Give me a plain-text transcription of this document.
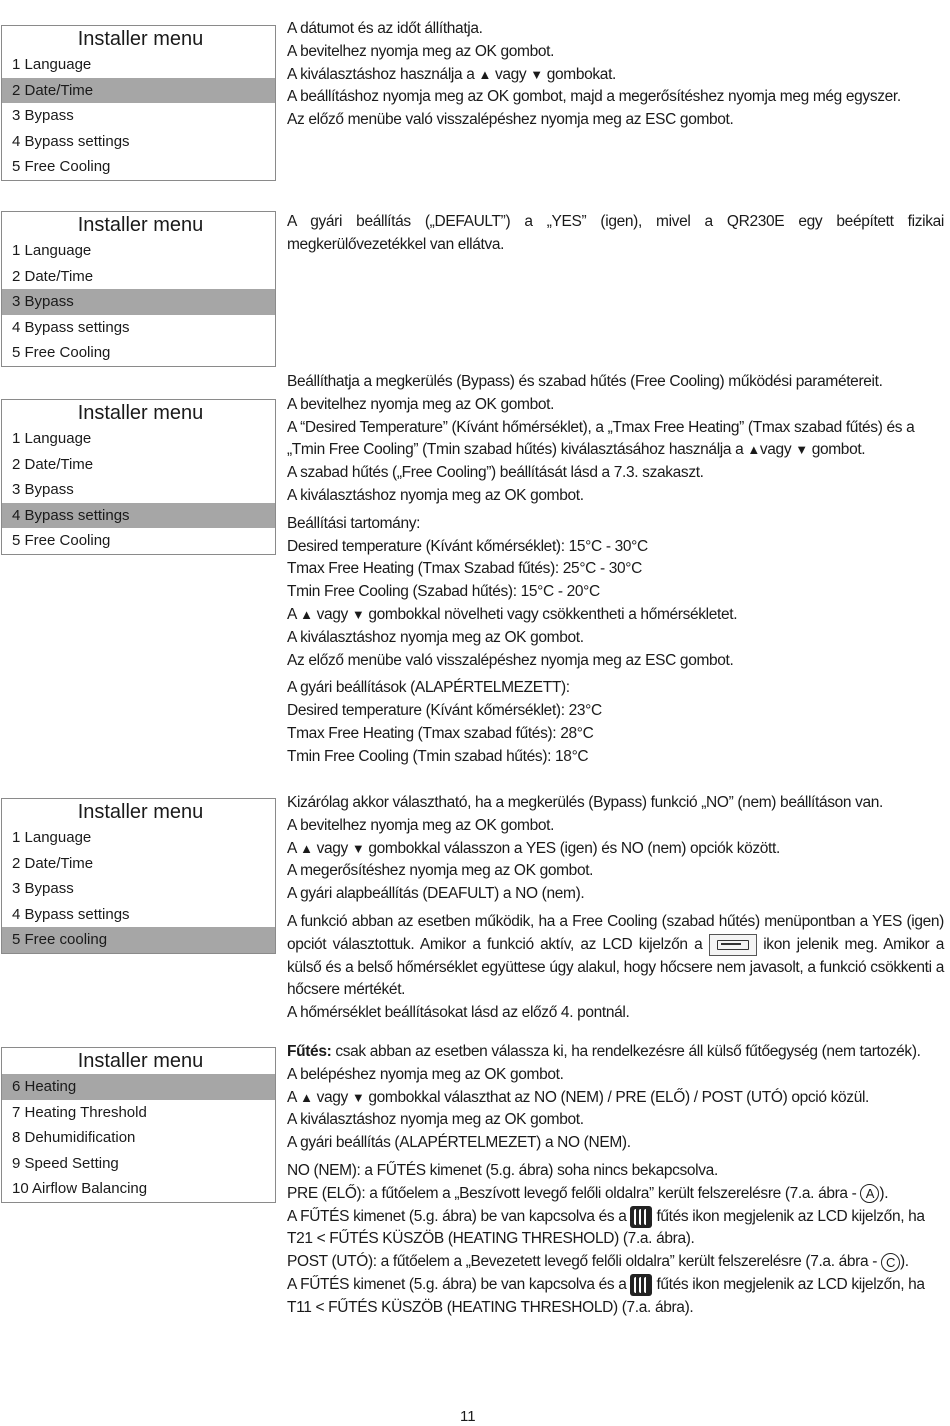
Installer menu
1 Language
2 Date/Time
3 Bypass
4 Bypass settings
5 Free Cooling
Installer menu
1 Language
2 Date/Time
3 Bypass
4 Bypass settings
5 Free Cooling
Installer menu
1 Language
2 Date/Time
3 Bypass
4 Bypass settings
5 Free Cooling
Installer menu
1 Language
2 Date/Time
3 Bypass
4 Bypass settings
5 Free cooling
Installer menu
6 Heating
7 Heating Threshold
8 Dehumidification
9 Speed Setting
10 Airflow Balancing

A dátumot és az időt állíthatja.

A bevitelhez nyomja meg az OK gombot.

A kiválasztáshoz használja a ▲ vagy ▼ gombokat.

A beállításhoz nyomja meg az OK gombot, majd a megerősítéshez nyomja meg még egyszer.

Az előző menübe való visszalépéshez nyomja meg az ESC gombot.

A gyári beállítás („DEFAULT”) a „YES” (igen), mivel a QR230E egy beépített fizikai megkerülővezetékkel van ellátva.

Beállíthatja a megkerülés (Bypass) és szabad hűtés (Free Cooling) működési paramétereit.

A bevitelhez nyomja meg az OK gombot.

A “Desired Temperature” (Kívánt hőmérséklet), a „Tmax Free Heating” (Tmax szabad fűtés) és a „Tmin Free Cooling” (Tmin szabad hűtés) kiválasztásához használja a ▲vagy ▼ gombot.

A szabad hűtés („Free Cooling”) beállítását lásd a 7.3. szakaszt.

A kiválasztáshoz nyomja meg az OK gombot.

Beállítási tartomány:

Desired temperature (Kívánt kőmérséklet): 15°C - 30°C

Tmax Free Heating (Tmax Szabad fűtés): 25°C - 30°C

Tmin Free Cooling (Szabad hűtés): 15°C - 20°C

A ▲ vagy ▼ gombokkal növelheti vagy csökkentheti a hőmérsékletet.

A kiválasztáshoz nyomja meg az OK gombot.

Az előző menübe való visszalépéshez nyomja meg az ESC gombot.

A gyári beállítások (ALAPÉRTELMEZETT):

Desired temperature (Kívánt kőmérséklet): 23°C

Tmax Free Heating (Tmax szabad fűtés): 28°C

Tmin Free Cooling (Tmin szabad hűtés): 18°C

Kizárólag akkor választható, ha a megkerülés (Bypass) funkció „NO” (nem) beállításon van.

A bevitelhez nyomja meg az OK gombot.

A ▲ vagy ▼ gombokkal válasszon a YES (igen) és NO (nem) opciók között.

A megerősítéshez nyomja meg az OK gombot.

A gyári alapbeállítás (DEAFULT) a NO (nem).

A funkció abban az esetben működik, ha a Free Cooling (szabad hűtés) menüpontban a YES (igen) opciót választottuk. Amikor a funkció aktív, az LCD kijelzőn a	ikon jelenik meg. Amikor a külső és a belső hőmérséklet együttese úgy alakul, hogy hőcsere nem javasolt, a funkció csökkenti a hőcsere mértékét.

A hőmérséklet beállításokat lásd az előző 4. pontnál.

Fűtés: csak abban az esetben válassza ki, ha rendelkezésre áll külső fűtőegység (nem tartozék).

A belépéshez nyomja meg az OK gombot.

A ▲ vagy ▼ gombokkal választhat az NO (NEM) / PRE (ELŐ) / POST (UTÓ) opció közül.

A kiválasztáshoz nyomja meg az OK gombot.

A gyári beállítás (ALAPÉRTELMEZET) a NO (NEM).

NO (NEM): a FŰTÉS kimenet (5.g. ábra) soha nincs bekapcsolva.

PRE (ELŐ): a fűtőelem a „Beszívott levegő felőli oldalra” került felszerelésre (7.a. ábra - A ).

A FŰTÉS kimenet (5.g. ábra) be van kapcsolva és a
fűtés ikon megjelenik az LCD kijelzőn, ha T21 < FŰTÉS KÜSZÖB (HEATING THRESHOLD) (7.a. ábra).

POST (UTÓ): a fűtőelem a „Bevezetett levegő felőli oldalra” került felszerelésre (7.a. ábra - C ).

A FŰTÉS kimenet (5.g. ábra) be van kapcsolva és a
fűtés ikon megjelenik az LCD kijelzőn, ha T11 < FŰTÉS KÜSZÖB (HEATING THRESHOLD) (7.a. ábra).

11
